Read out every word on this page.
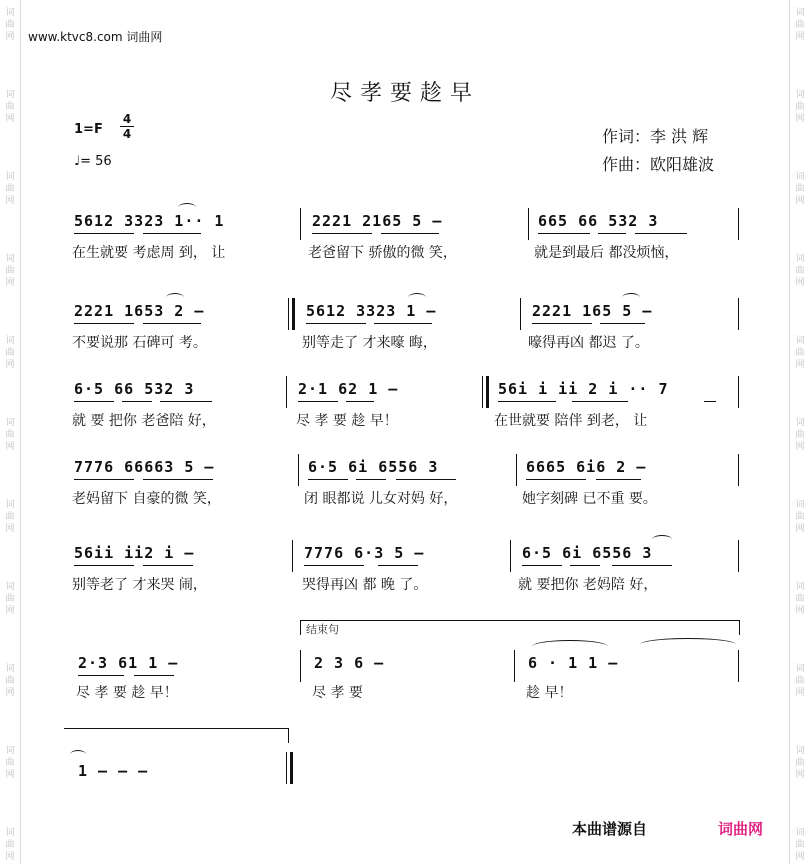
词
曲
网
词
曲
网
词
曲
网
词
曲
网
词
曲
网
词
曲
网
词
曲
网
词
曲
网
词
曲
网
词
曲
网
词
曲
网
词
曲
网
词
曲
网
词
曲
网
词
曲
网
词
曲
网
词
曲
网
词
曲
网
词
曲
网
词
曲
网
词
曲
网
词
曲
网
www.ktvc8.com 词曲网
尽孝要趁早
1=F
4
4
♩= 56
作词：李 洪 辉
作曲：欧阳雄波
5612 3323 1·· 1
在生就要 考虑周 到， 让
2221 2165 5 –
老爸留下 骄傲的微 笑，
665 66 532 3
就是到最后 都没烦恼，
2221 1653 2 –
不要说那 石碑可 考。
5612 3323 1 –
别等走了 才来嚎 晦，
2221 165 5 –
嚎得再凶 都迟 了。
6·5 66 532 3
就 要 把你 老爸陪 好，
2·1 62 1 –
尽 孝 要 趁 早！
56i i ii 2 i ·· 7
在世就要 陪伴 到老， 让
7776 66663 5 –
老妈留下 自豪的微 笑，
6·5 6i 6556 3
闭 眼都说 儿女对妈 好，
6665 6i6 2 –
她字刻碑 已不重 要。
56ii ii2 i –
别等老了 才来哭 闹，
7776 6·3 5 –
哭得再凶 都 晚 了。
6·5 6i 6556 3
就 要把你 老妈陪 好，
结束句
2·3 61 1 –
尽 孝 要 趁 早！
2 3 6 –
尽 孝 要
6 · 1 1 –
趁 早！
1 – – –
本曲谱源自	词曲网
